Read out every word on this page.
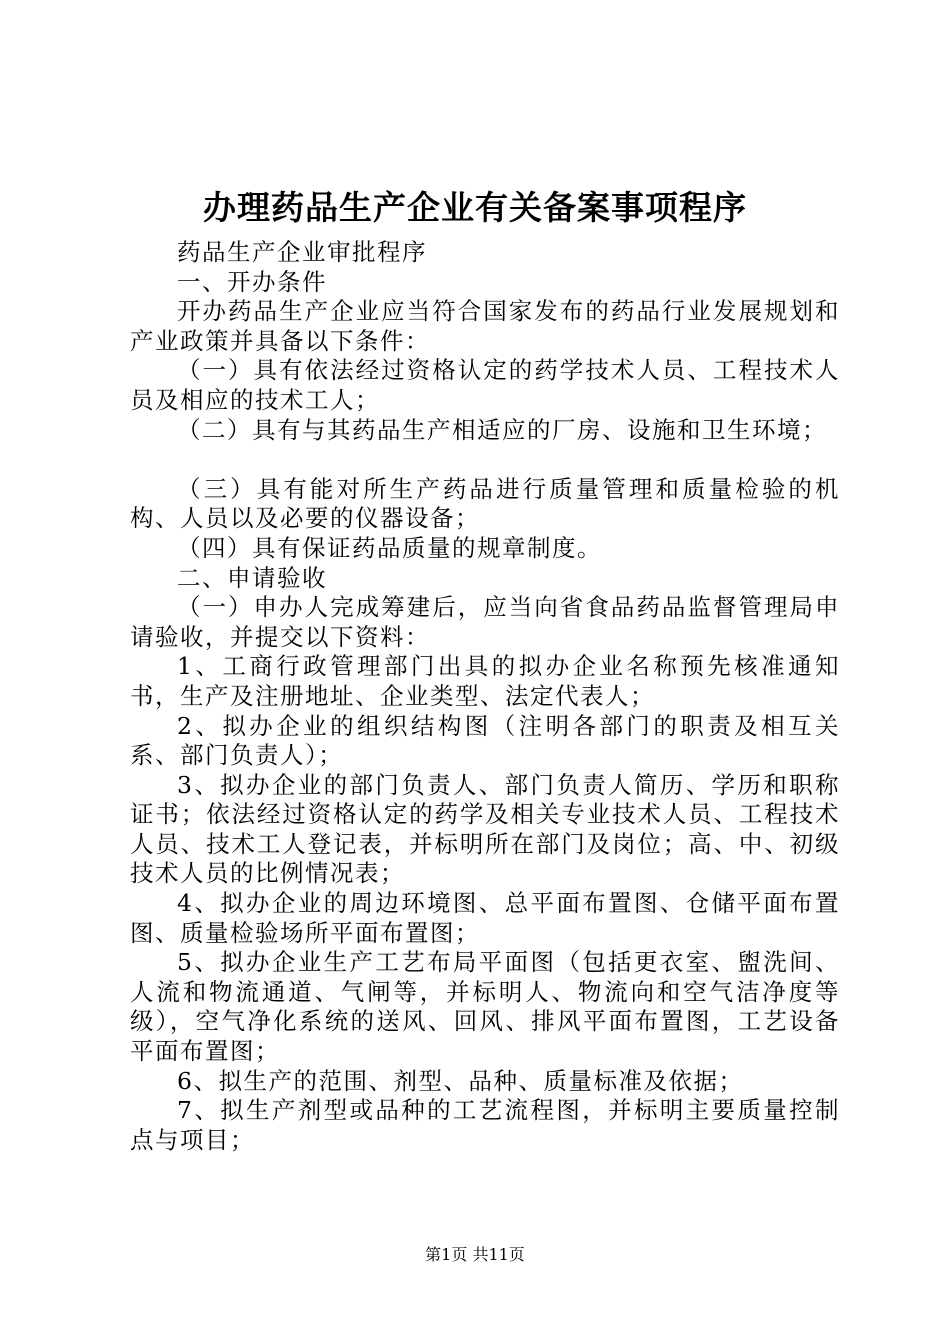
办理药品生产企业有关备案事项程序

药品生产企业审批程序

一、开办条件

开办药品生产企业应当符合国家发布的药品行业发展规划和产业政策并具备以下条件：

（一）具有依法经过资格认定的药学技术人员、工程技术人员及相应的技术工人；

（二）具有与其药品生产相适应的厂房、设施和卫生环境；

（三）具有能对所生产药品进行质量管理和质量检验的机构、人员以及必要的仪器设备；

（四）具有保证药品质量的规章制度。

二、申请验收

（一）申办人完成筹建后，应当向省食品药品监督管理局申请验收，并提交以下资料：

1、工商行政管理部门出具的拟办企业名称预先核准通知书，生产及注册地址、企业类型、法定代表人；

2、拟办企业的组织结构图（注明各部门的职责及相互关系、部门负责人）；

3、拟办企业的部门负责人、部门负责人简历、学历和职称证书；依法经过资格认定的药学及相关专业技术人员、工程技术人员、技术工人登记表，并标明所在部门及岗位；高、中、初级技术人员的比例情况表；

4、拟办企业的周边环境图、总平面布置图、仓储平面布置图、质量检验场所平面布置图；

5、拟办企业生产工艺布局平面图（包括更衣室、盥洗间、人流和物流通道、气闸等，并标明人、物流向和空气洁净度等级），空气净化系统的送风、回风、排风平面布置图，工艺设备平面布置图；

6、拟生产的范围、剂型、品种、质量标准及依据；

7、拟生产剂型或品种的工艺流程图，并标明主要质量控制点与项目；

第1页 共11页
